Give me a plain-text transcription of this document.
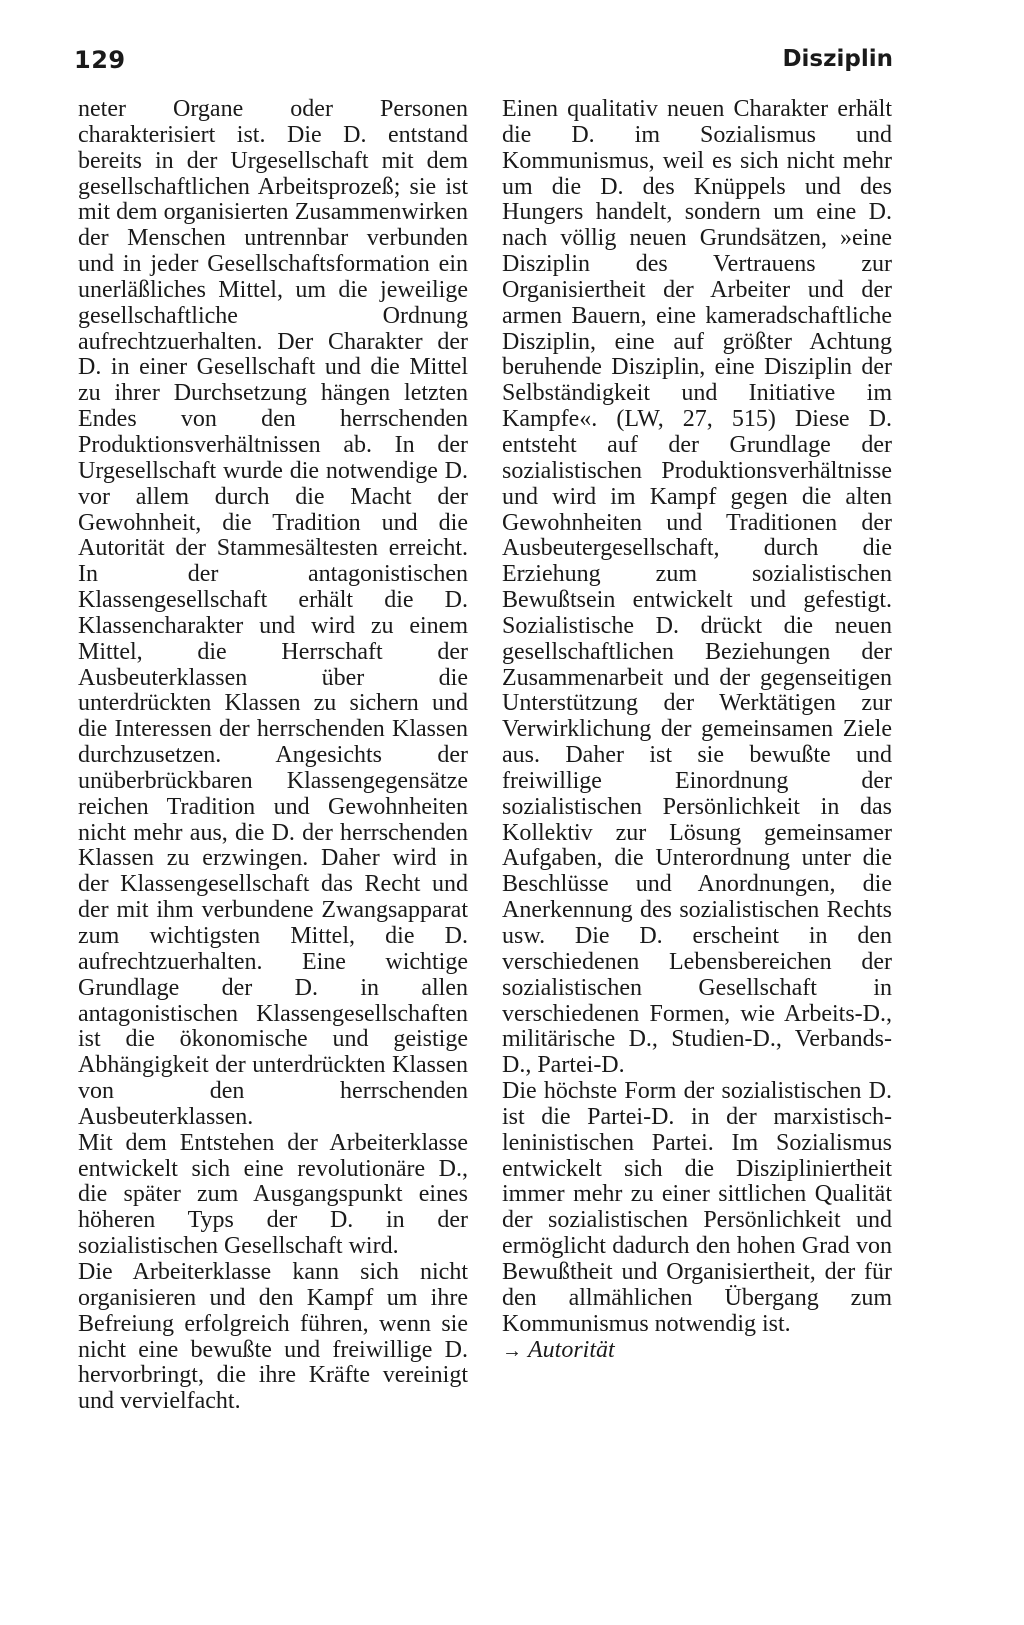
129	Disziplin

neter Organe oder Personen charakterisiert ist. Die D. entstand bereits in der Urgesellschaft mit dem gesellschaftlichen Arbeitsprozeß; sie ist mit dem organisierten Zusammenwirken der Menschen untrennbar verbunden und in jeder Gesellschaftsformation ein unerläßliches Mittel, um die jeweilige gesellschaftliche Ordnung aufrechtzuerhalten. Der Charakter der D. in einer Gesellschaft und die Mittel zu ihrer Durchsetzung hängen letzten Endes von den herrschenden Produktionsverhältnissen ab. In der Urgesellschaft wurde die notwendige D. vor allem durch die Macht der Gewohnheit, die Tradition und die Autorität der Stammesältesten erreicht. In der antagonistischen Klassengesellschaft erhält die D. Klassencharakter und wird zu einem Mittel, die Herrschaft der Ausbeuterklassen über die unterdrückten Klassen zu sichern und die Interessen der herrschenden Klassen durchzusetzen. Angesichts der unüberbrückbaren Klassengegensätze reichen Tradition und Gewohnheiten nicht mehr aus, die D. der herrschenden Klassen zu erzwingen. Daher wird in der Klassengesellschaft das Recht und der mit ihm verbundene Zwangsapparat zum wichtigsten Mittel, die D. aufrechtzuerhalten. Eine wichtige Grundlage der D. in allen antagonistischen Klassengesellschaften ist die ökonomische und geistige Abhängigkeit der unterdrückten Klassen von den herrschenden Ausbeuterklassen.

Mit dem Entstehen der Arbeiterklasse entwickelt sich eine revolutionäre D., die später zum Ausgangspunkt eines höheren Typs der D. in der sozialistischen Gesellschaft wird.

Die Arbeiterklasse kann sich nicht organisieren und den Kampf um ihre Befreiung erfolgreich führen, wenn sie nicht eine bewußte und freiwillige D. hervorbringt, die ihre Kräfte vereinigt und vervielfacht.

Einen qualitativ neuen Charakter erhält die D. im Sozialismus und Kommunismus, weil es sich nicht mehr um die D. des Knüppels und des Hungers handelt, sondern um eine D. nach völlig neuen Grundsätzen, »eine Disziplin des Vertrauens zur Organisiertheit der Arbeiter und der armen Bauern, eine kameradschaftliche Disziplin, eine auf größter Achtung beruhende Disziplin, eine Disziplin der Selbständigkeit und Initiative im Kampfe«. (LW, 27, 515) Diese D. entsteht auf der Grundlage der sozialistischen Produktionsverhältnisse und wird im Kampf gegen die alten Gewohnheiten und Traditionen der Ausbeutergesellschaft, durch die Erziehung zum sozialistischen Bewußtsein entwickelt und gefestigt. Sozialistische D. drückt die neuen gesellschaftlichen Beziehungen der Zusammenarbeit und der gegenseitigen Unterstützung der Werktätigen zur Verwirklichung der gemeinsamen Ziele aus. Daher ist sie bewußte und freiwillige Einordnung der sozialistischen Persönlichkeit in das Kollektiv zur Lösung gemeinsamer Aufgaben, die Unterordnung unter die Beschlüsse und Anordnungen, die Anerkennung des sozialistischen Rechts usw. Die D. erscheint in den verschiedenen Lebensbereichen der sozialistischen Gesellschaft in verschiedenen Formen, wie Arbeits-D., militärische D., Studien-D., Verbands-D., Partei-D.

Die höchste Form der sozialistischen D. ist die Partei-D. in der marxistisch-leninistischen Partei. Im Sozialismus entwickelt sich die Diszipliniertheit immer mehr zu einer sittlichen Qualität der sozialistischen Persönlichkeit und ermöglicht dadurch den hohen Grad von Bewußtheit und Organisiertheit, der für den allmählichen Übergang zum Kommunismus notwendig ist.

→ Autorität
